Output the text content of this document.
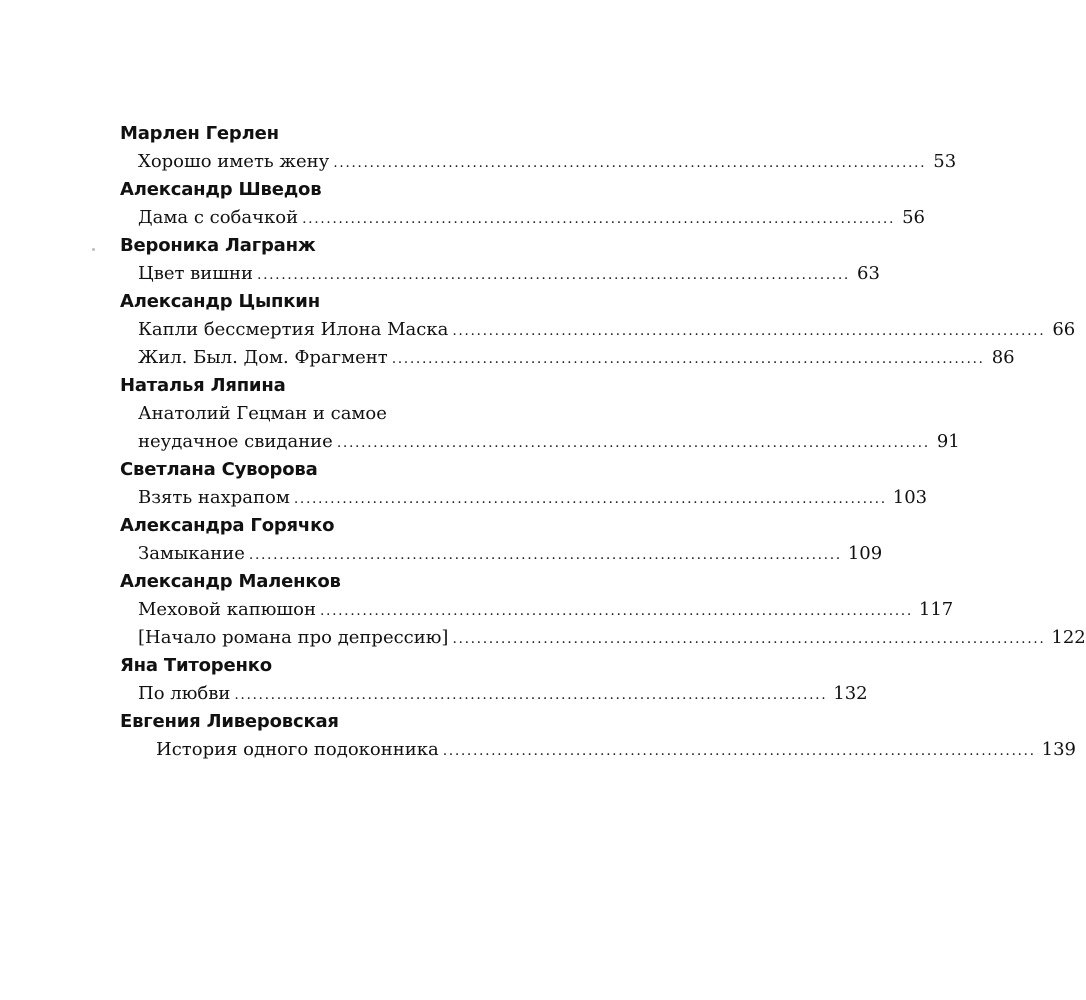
Марлен Герлен
Хорошо иметь жену .................................................................................................. 53
Александр Шведов
Дама с собачкой .................................................................................................. 56
Вероника Лагранж
Цвет вишни .................................................................................................. 63
Александр Цыпкин
Капли бессмертия Илона Маска .................................................................................................. 66
Жил. Был. Дом. Фрагмент .................................................................................................. 86
Наталья Ляпина
Анатолий Гецман и самое
неудачное свидание .................................................................................................. 91
Светлана Суворова
Взять нахрапом .................................................................................................. 103
Александра Горячко
Замыкание .................................................................................................. 109
Александр Маленков
Меховой капюшон .................................................................................................. 117
[Начало романа про депрессию] .................................................................................................. 122
Яна Титоренко
По любви .................................................................................................. 132
Евгения Ливеровская
История одного подоконника .................................................................................................. 139
